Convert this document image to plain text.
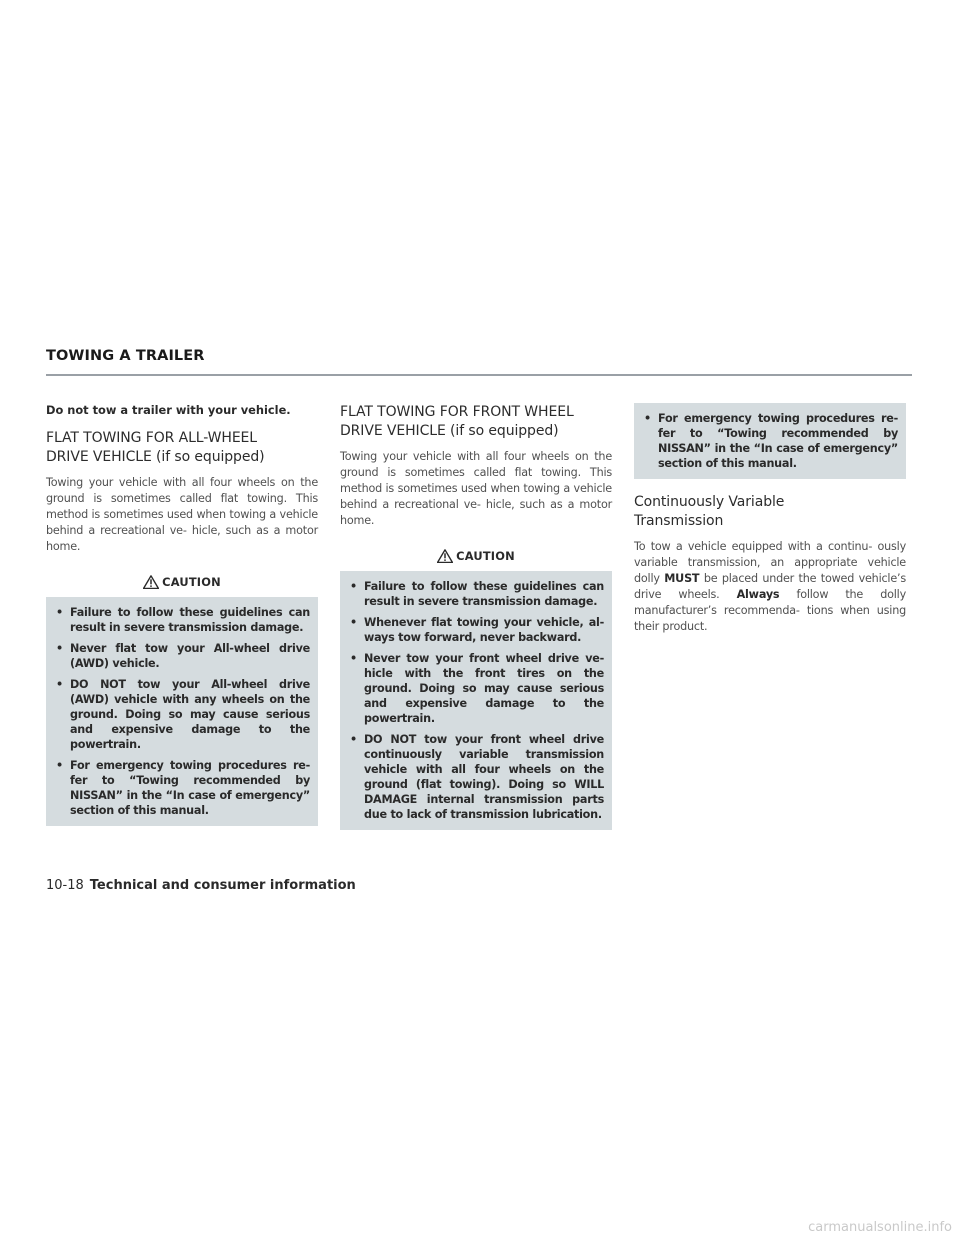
TOWING A TRAILER
Do not tow a trailer with your vehicle.
FLAT TOWING FOR ALL-WHEEL
DRIVE VEHICLE (if so equipped)

Towing your vehicle with all four wheels on the ground is sometimes called flat towing. This method is sometimes used when towing a vehicle behind a recreational ve- hicle, such as a motor home.

CAUTION
• Failure to follow these guidelines can result in severe transmission damage.
• Never flat tow your All-wheel drive (AWD) vehicle.
• DO NOT tow your All-wheel drive (AWD) vehicle with any wheels on the ground. Doing so may cause serious and expensive damage to the powertrain.
• For emergency towing procedures re- fer to “Towing recommended by NISSAN” in the “In case of emergency” section of this manual.
FLAT TOWING FOR FRONT WHEEL
DRIVE VEHICLE (if so equipped)

Towing your vehicle with all four wheels on the ground is sometimes called flat towing. This method is sometimes used when towing a vehicle behind a recreational ve- hicle, such as a motor home.

CAUTION
• Failure to follow these guidelines can result in severe transmission damage.
• Whenever flat towing your vehicle, al- ways tow forward, never backward.
• Never tow your front wheel drive ve- hicle with the front tires on the ground. Doing so may cause serious and expensive damage to the powertrain.
• DO NOT tow your front wheel drive continuously variable transmission vehicle with all four wheels on the ground (flat towing). Doing so WILL DAMAGE internal transmission parts due to lack of transmission lubrication.
• For emergency towing procedures re- fer to “Towing recommended by NISSAN” in the “In case of emergency” section of this manual.
Continuously Variable
Transmission

To tow a vehicle equipped with a continu- ously variable transmission, an appropriate vehicle dolly MUST be placed under the towed vehicle’s drive wheels. Always follow the dolly manufacturer’s recommenda- tions when using their product.

10-18 Technical and consumer information
carmanualsonline.info
